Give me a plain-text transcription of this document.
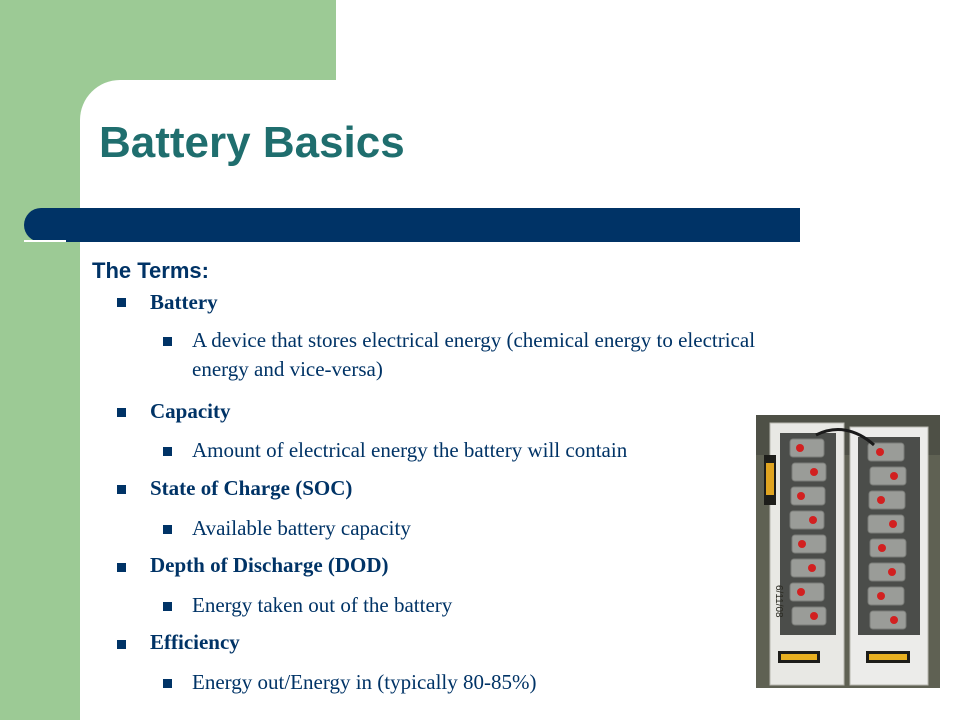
Battery Basics
The Terms:
Battery
A device that stores electrical energy (chemical energy to electrical energy and vice-versa)
Capacity
Amount of electrical energy the battery will contain
State of Charge (SOC)
Available battery capacity
Depth of Discharge (DOD)
Energy taken out of the battery
Efficiency
Energy out/Energy in (typically 80-85%)
6/11/08
